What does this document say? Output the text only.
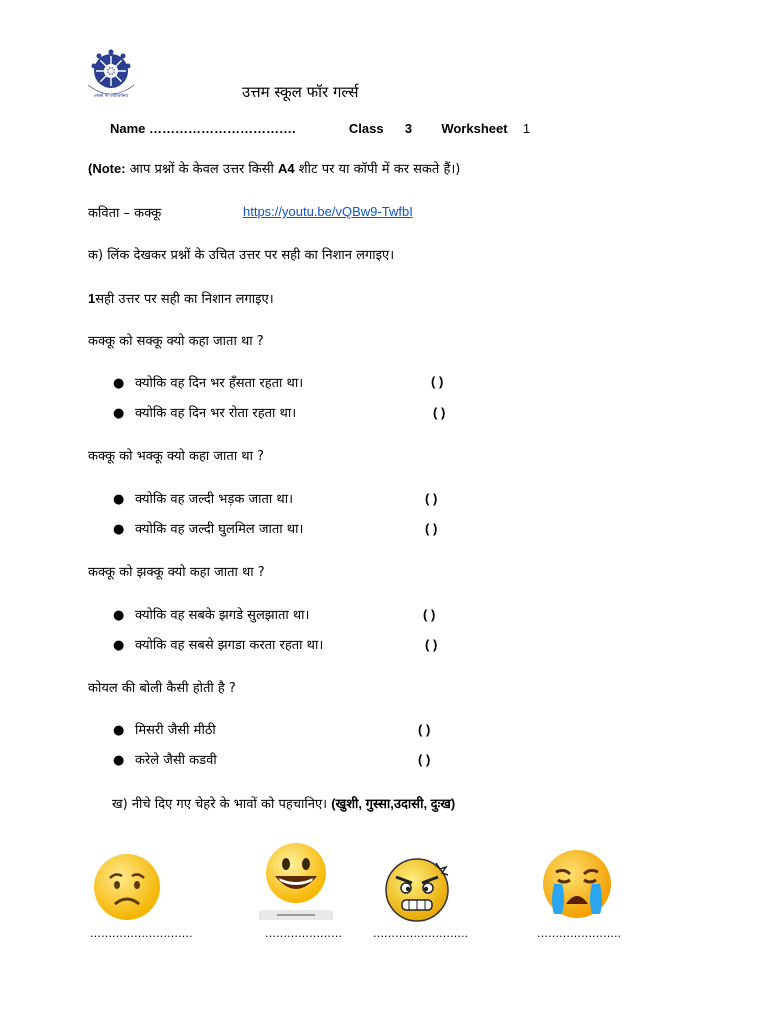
तमसो मा ज्योतिर्गमय	उत्तम स्कूल फॉर गर्ल्स
Name …………………………….	Class 3 Worksheet 1
(Note: आप प्रश्नों के केवल उत्तर किसी A4 शीट पर या कॉपी में कर सकते हैं।)
कविता – कक्कू	https://youtu.be/vQBw9-TwfbI
क) लिंक देखकर प्रश्नों के उचित उत्तर पर सही का निशान लगाइए।
1सही उत्तर पर सही का निशान लगाइए।
कक्कू को सक्कू क्यो कहा जाता था ?
● क्योकि वह दिन भर हँसता रहता था।	( )
● क्योकि वह दिन भर रोता रहता था।	( )
कक्कू को भक्कू क्यो कहा जाता था ?
● क्योकि वह जल्दी भड़क जाता था।	( )
● क्योकि वह जल्दी घुलमिल जाता था।	( )
कक्कू को झक्कू क्यो कहा जाता था ?
● क्योकि वह सबके झगडे सुलझाता था।	( )
● क्योकि वह सबसे झगडा करता रहता था।	( )
कोयल की बोली कैसी होती है ?
● मिसरी जैसी मीठी	( )
● करेले जैसी कडवी	( )
ख) नीचे दिए गए चेहरे के भावों को पहचानिए। (खुशी, गुस्सा,उदासी, दुःख)
……………………….	…………………	……………………..	…………………..
